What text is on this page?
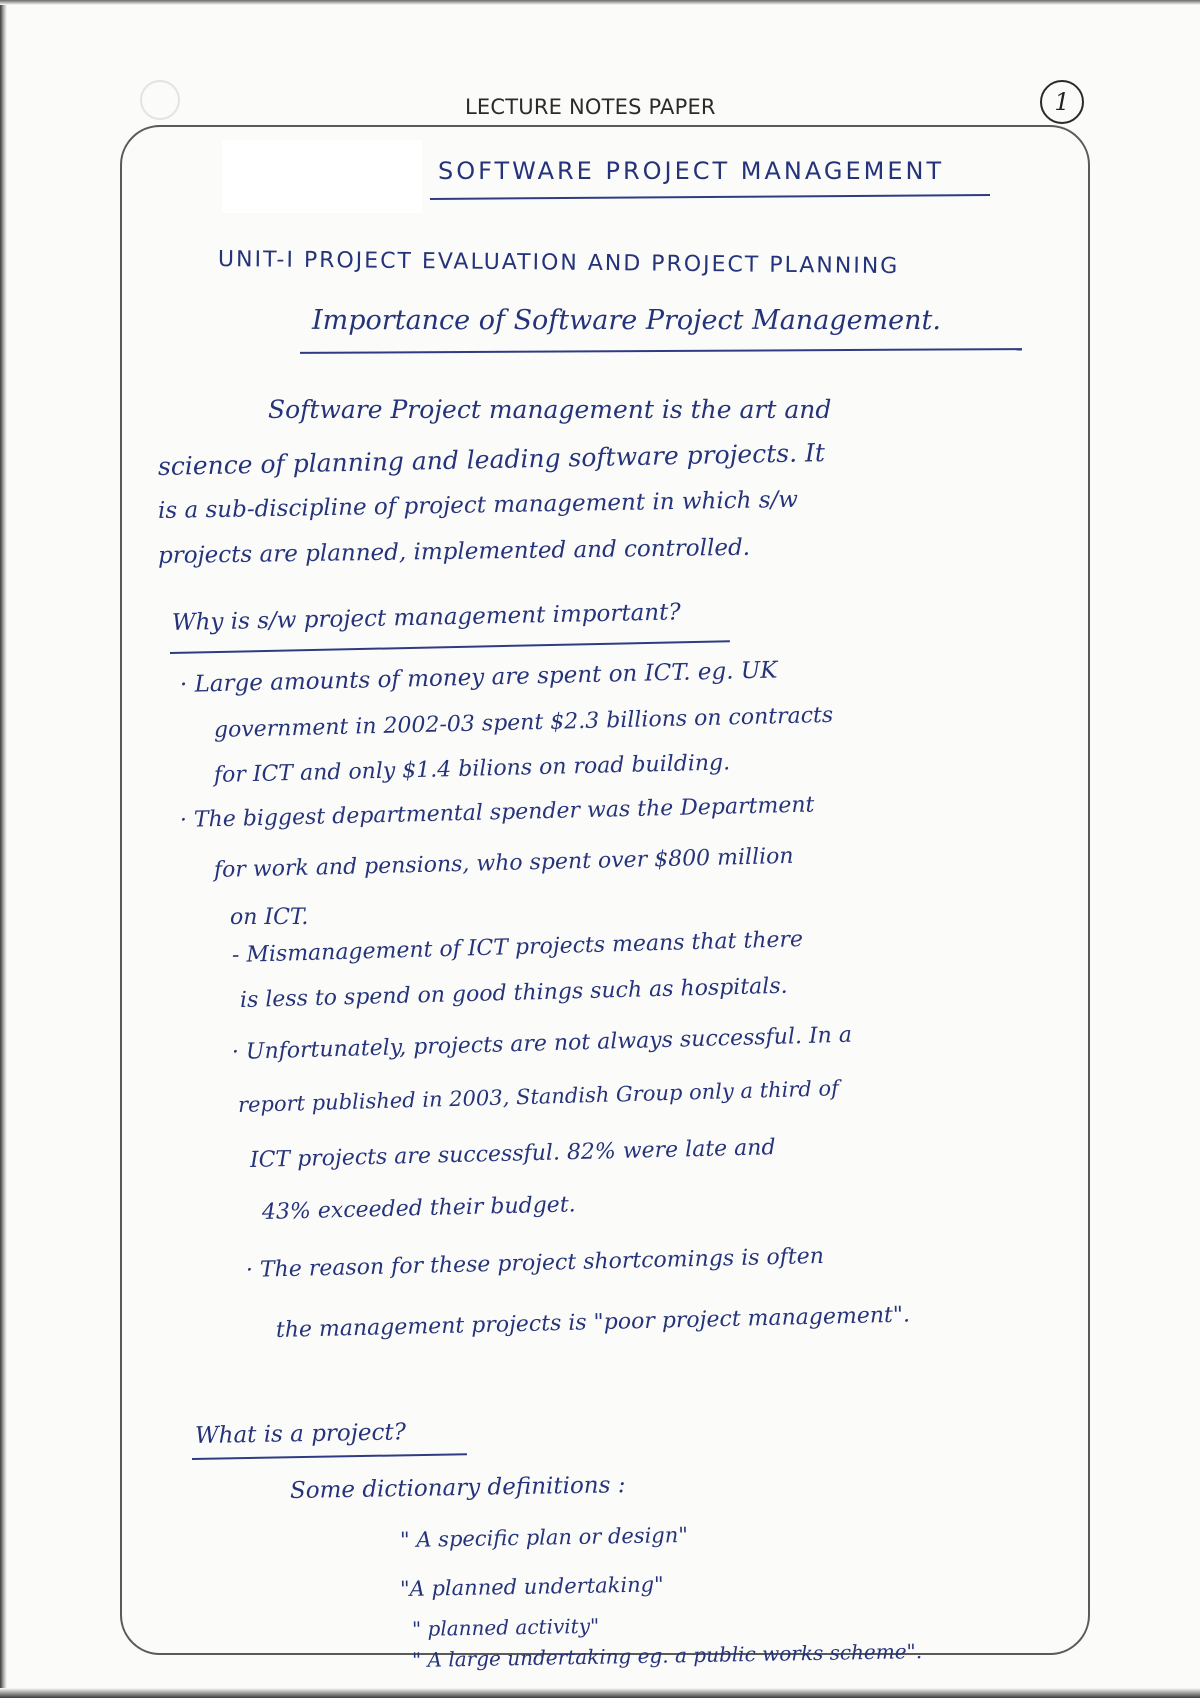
LECTURE NOTES PAPER	1
SOFTWARE PROJECT MANAGEMENT
UNIT-I PROJECT EVALUATION AND PROJECT PLANNING
Importance of Software Project Management.
Software Project management is the art and
science of planning and leading software projects. It
is a sub-discipline of project management in which s/w
projects are planned, implemented and controlled.
Why is s/w project management important?
· Large amounts of money are spent on ICT. eg. UK
government in 2002-03 spent $2.3 billions on contracts
for ICT and only $1.4 bilions on road building.
· The biggest departmental spender was the Department
for work and pensions, who spent over $800 million
on ICT.
- Mismanagement of ICT projects means that there
is less to spend on good things such as hospitals.
· Unfortunately, projects are not always successful. In a
report published in 2003, Standish Group only a third of
ICT projects are successful. 82% were late and
43% exceeded their budget.
· The reason for these project shortcomings is often
the management projects is "poor project management".
What is a project?
Some dictionary definitions :
" A specific plan or design"
"A planned undertaking"
" planned activity"
" A large undertaking eg. a public works scheme".
